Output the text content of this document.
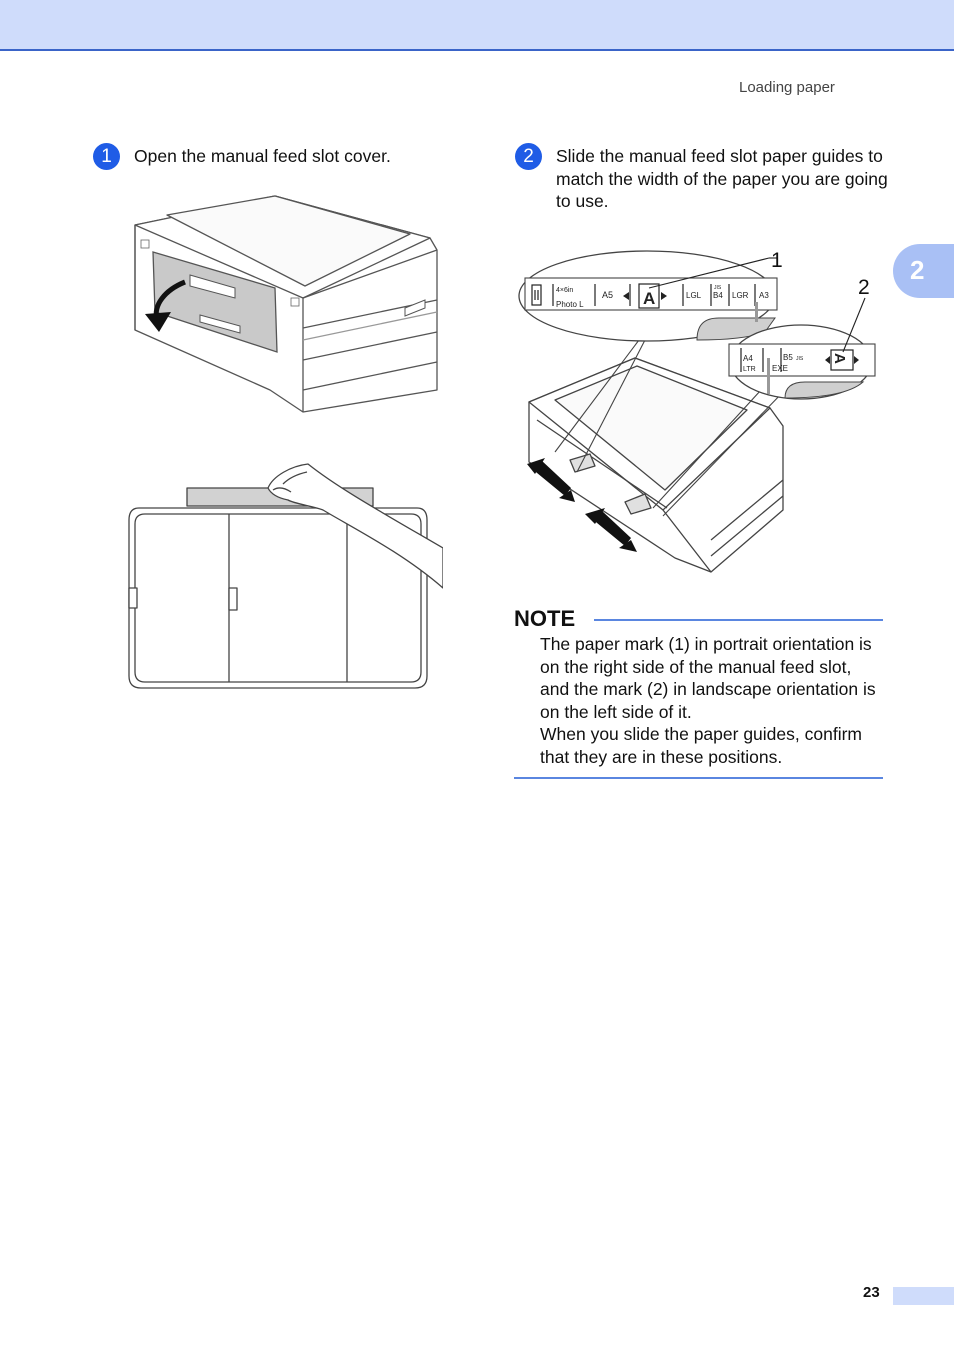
Loading paper
2
1	Open the manual feed slot cover.	2	Slide the manual feed slot paper guides to match the width of the paper you are going to use.
4×6in
Photo L
A5 A	LGL
JIS
B4 LGR A3
A4
LTR
B5 JIS
EXE
A
1
2
NOTE

The paper mark (1) in portrait orientation is on the right side of the manual feed slot, and the mark (2) in landscape orientation is on the left side of it.

When you slide the paper guides, confirm that they are in these positions.

23
